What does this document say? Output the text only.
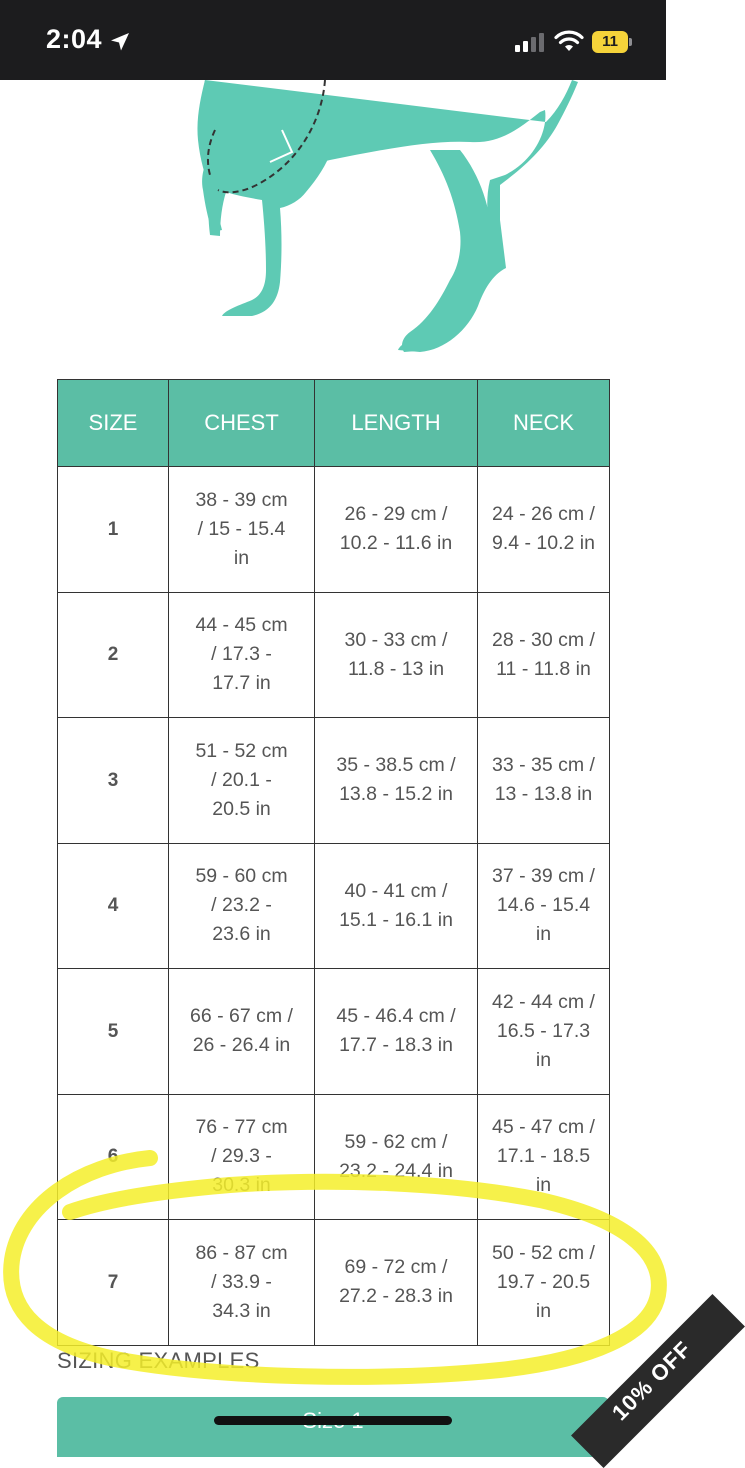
2:04	11
SIZE	CHEST	LENGTH	NECK
1	38 - 39 cm / 15 - 15.4 in	26 - 29 cm / 10.2 - 11.6 in	24 - 26 cm / 9.4 - 10.2 in

2	44 - 45 cm / 17.3 - 17.7 in	30 - 33 cm / 11.8 - 13 in	28 - 30 cm / 11 - 11.8 in

3	51 - 52 cm / 20.1 - 20.5 in	35 - 38.5 cm / 13.8 - 15.2 in	33 - 35 cm / 13 - 13.8 in

4	59 - 60 cm / 23.2 - 23.6 in	40 - 41 cm / 15.1 - 16.1 in	37 - 39 cm / 14.6 - 15.4 in

5	66 - 67 cm / 26 - 26.4 in	45 - 46.4 cm / 17.7 - 18.3 in	42 - 44 cm / 16.5 - 17.3 in

6	76 - 77 cm / 29.3 - 30.3 in	59 - 62 cm / 23.2 - 24.4 in	45 - 47 cm / 17.1 - 18.5 in

7	86 - 87 cm / 33.9 - 34.3 in	69 - 72 cm / 27.2 - 28.3 in	50 - 52 cm / 19.7 - 20.5 in
SIZING EXAMPLES	10% OFF
